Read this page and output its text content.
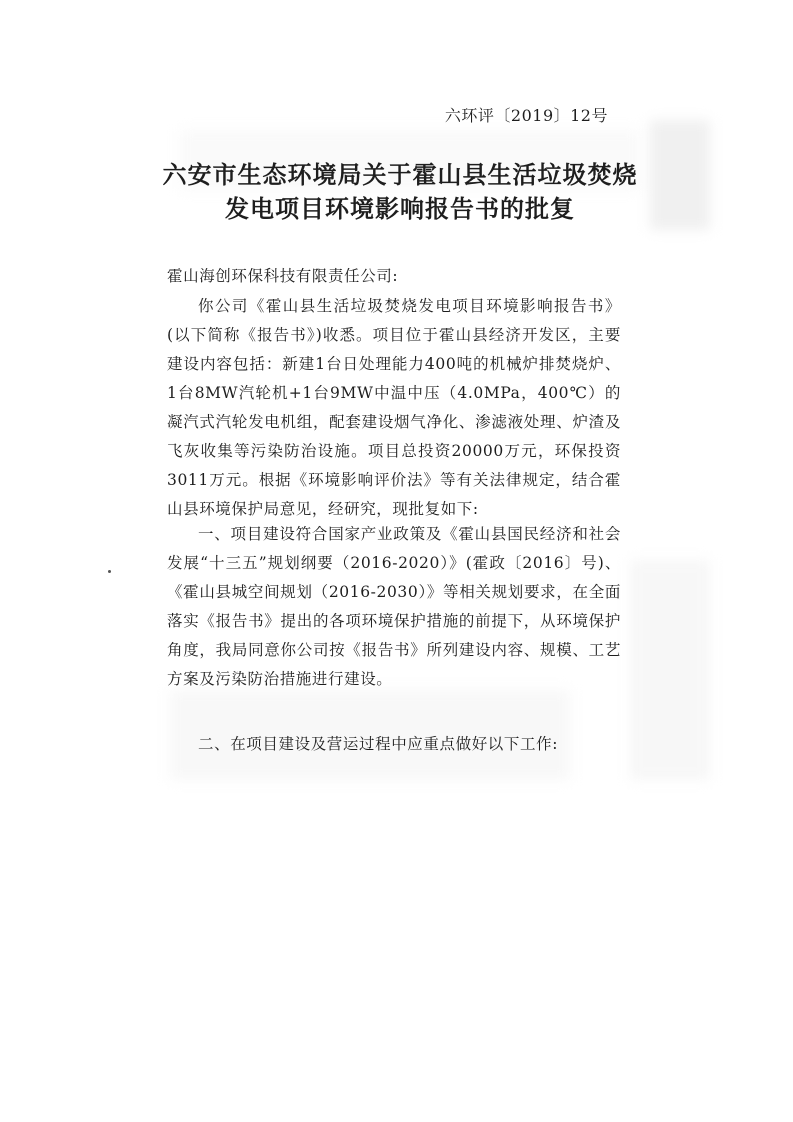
六环评〔2019〕12号
六安市生态环境局关于霍山县生活垃圾焚烧
发电项目环境影响报告书的批复
霍山海创环保科技有限责任公司:
你公司《霍山县生活垃圾焚烧发电项目环境影响报告书》(以下简称《报告书》)收悉。项目位于霍山县经济开发区，主要建设内容包括：新建1台日处理能力400吨的机械炉排焚烧炉、1台8MW汽轮机+1台9MW中温中压（4.0MPa，400℃）的凝汽式汽轮发电机组，配套建设烟气净化、渗滤液处理、炉渣及飞灰收集等污染防治设施。项目总投资20000万元，环保投资3011万元。根据《环境影响评价法》等有关法律规定，结合霍山县环境保护局意见，经研究，现批复如下:
一、项目建设符合国家产业政策及《霍山县国民经济和社会发展“十三五”规划纲要（2016-2020）》(霍政〔2016〕号)、《霍山县城空间规划（2016-2030）》等相关规划要求，在全面落实《报告书》提出的各项环境保护措施的前提下，从环境保护角度，我局同意你公司按《报告书》所列建设内容、规模、工艺方案及污染防治措施进行建设。
二、在项目建设及营运过程中应重点做好以下工作:
